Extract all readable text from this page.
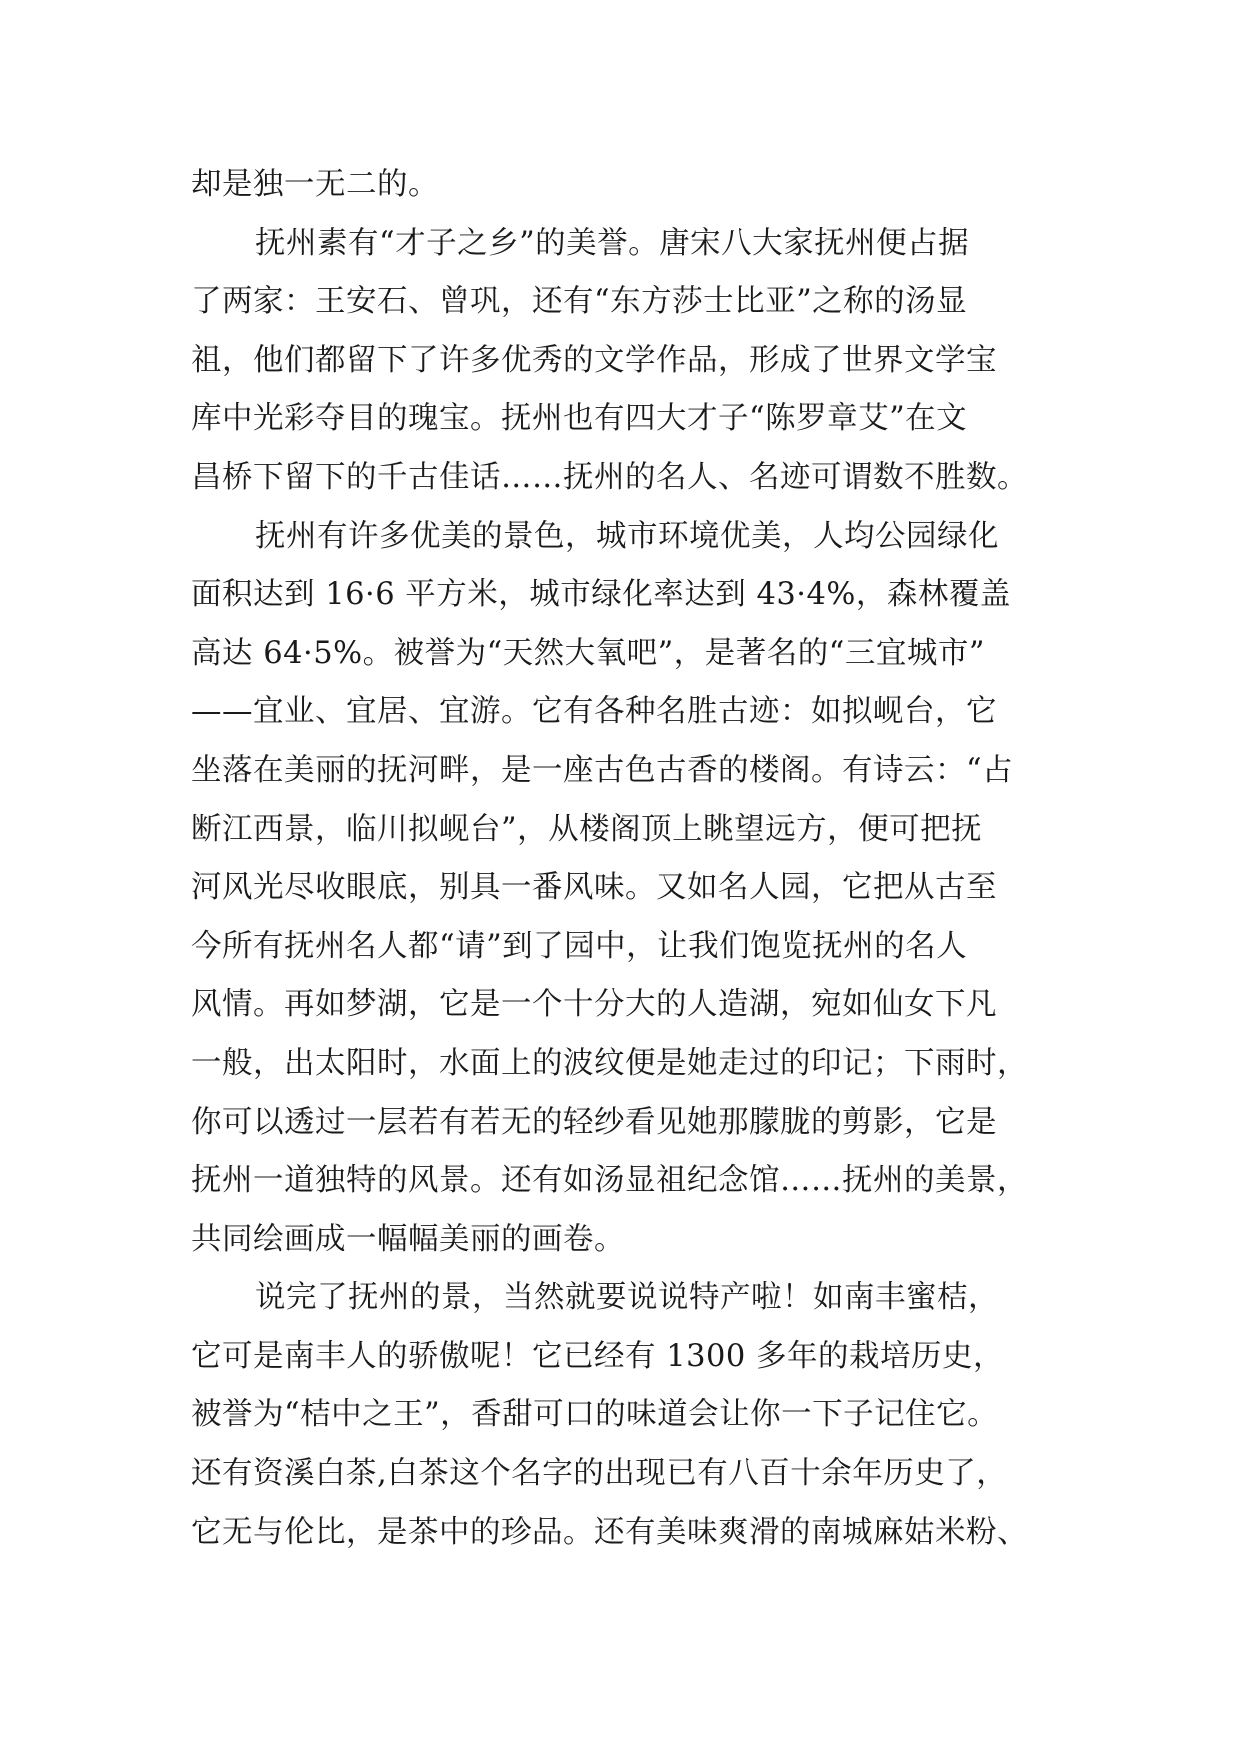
却是独一无二的。
抚州素有“才子之乡”的美誉。唐宋八大家抚州便占据
了两家：王安石、曾巩，还有“东方莎士比亚”之称的汤显
祖，他们都留下了许多优秀的文学作品，形成了世界文学宝
库中光彩夺目的瑰宝。抚州也有四大才子“陈罗章艾”在文
昌桥下留下的千古佳话……抚州的名人、名迹可谓数不胜数。
抚州有许多优美的景色，城市环境优美，人均公园绿化
面积达到 16·6 平方米，城市绿化率达到 43·4%，森林覆盖
高达 64·5%。被誉为“天然大氧吧”，是著名的“三宜城市”
——宜业、宜居、宜游。它有各种名胜古迹：如拟岘台，它
坐落在美丽的抚河畔，是一座古色古香的楼阁。有诗云：“占
断江西景，临川拟岘台”，从楼阁顶上眺望远方，便可把抚
河风光尽收眼底，别具一番风味。又如名人园，它把从古至
今所有抚州名人都“请”到了园中，让我们饱览抚州的名人
风情。再如梦湖，它是一个十分大的人造湖，宛如仙女下凡
一般，出太阳时，水面上的波纹便是她走过的印记；下雨时，
你可以透过一层若有若无的轻纱看见她那朦胧的剪影，它是
抚州一道独特的风景。还有如汤显祖纪念馆……抚州的美景，
共同绘画成一幅幅美丽的画卷。
说完了抚州的景，当然就要说说特产啦！如南丰蜜桔，
它可是南丰人的骄傲呢！它已经有 1300 多年的栽培历史，
被誉为“桔中之王”，香甜可口的味道会让你一下子记住它。
还有资溪白茶,白茶这个名字的出现已有八百十余年历史了，
它无与伦比，是茶中的珍品。还有美味爽滑的南城麻姑米粉、
